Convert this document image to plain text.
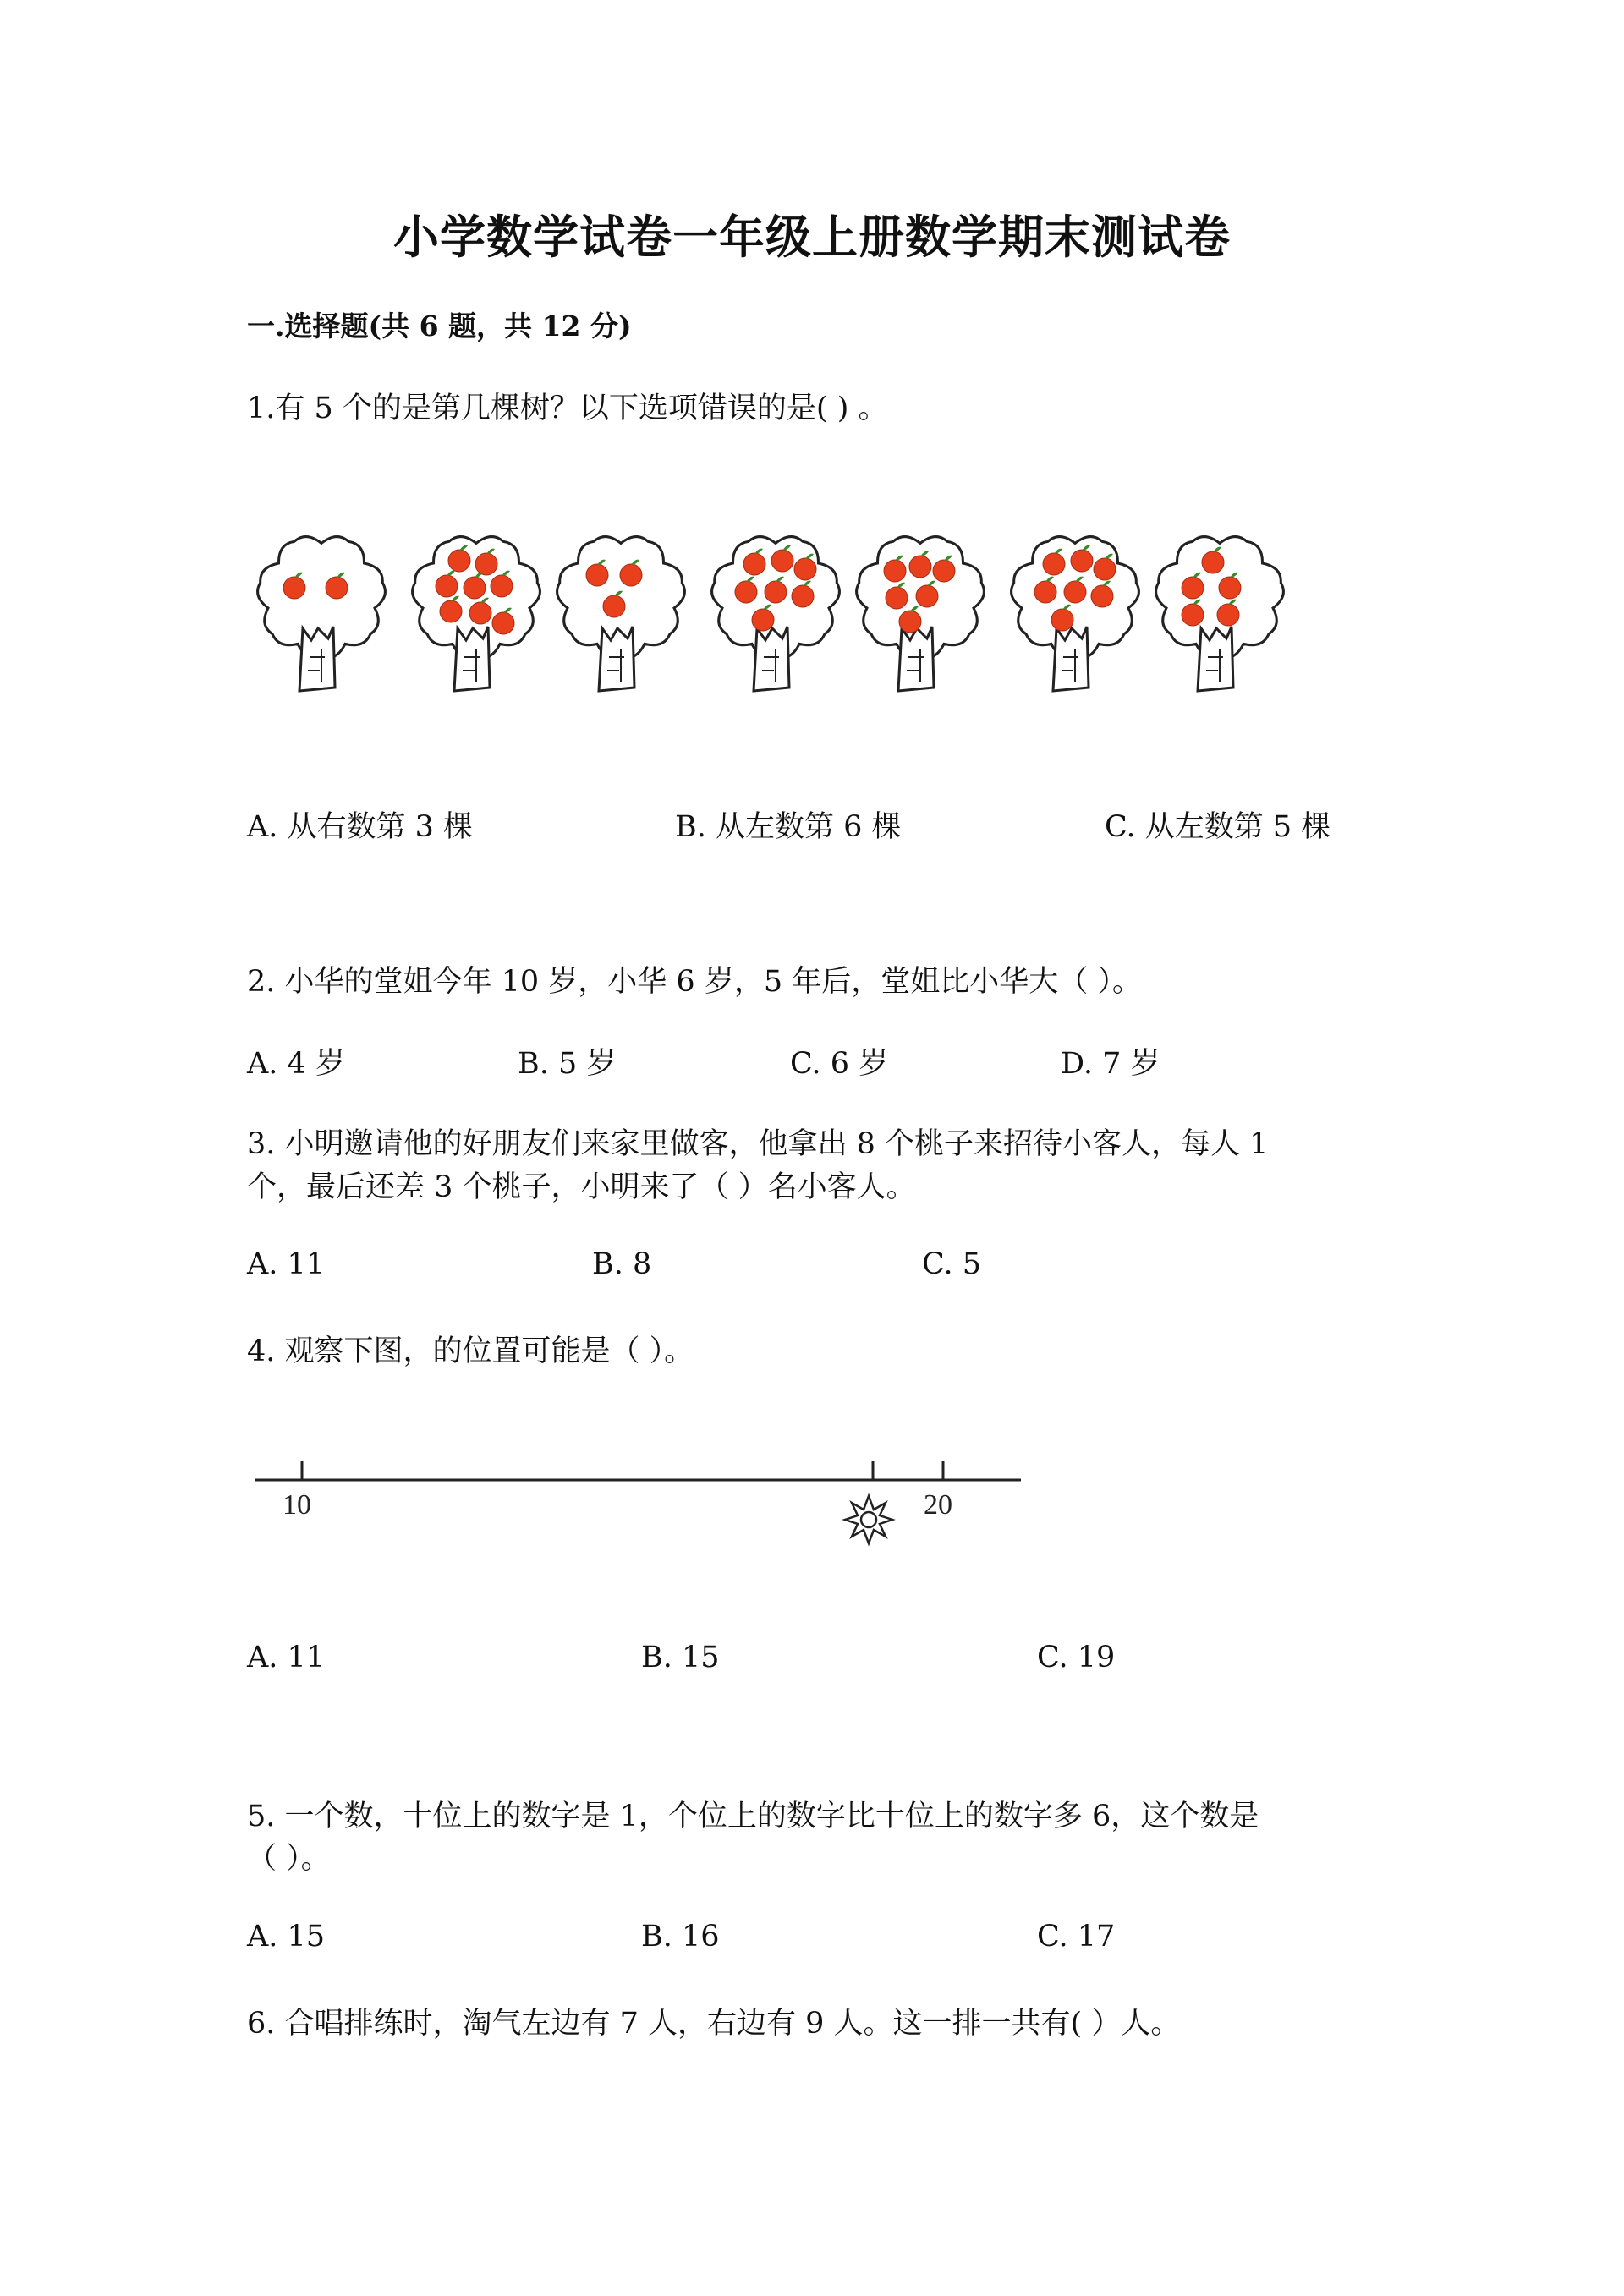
小学数学试卷一年级上册数学期末测试卷
一.选择题(共 6 题，共 12 分)
1.有 5 个的是第几棵树？以下选项错误的是( ) 。
A. 从右数第 3 棵	B. 从左数第 6 棵	C. 从左数第 5 棵
2. 小华的堂姐今年 10 岁，小华 6 岁，5 年后，堂姐比小华大（ ）。
A. 4 岁	B. 5 岁	C. 6 岁	D. 7 岁
3. 小明邀请他的好朋友们来家里做客，他拿出 8 个桃子来招待小客人，每人 1
个，最后还差 3 个桃子，小明来了（ ）名小客人。
A. 11	B. 8	C. 5
4. 观察下图，的位置可能是（ ）。
10	20
A. 11	B. 15	C. 19
5. 一个数，十位上的数字是 1，个位上的数字比十位上的数字多 6，这个数是
（ ）。
A. 15	B. 16	C. 17
6. 合唱排练时，淘气左边有 7 人，右边有 9 人。这一排一共有( ）人。
